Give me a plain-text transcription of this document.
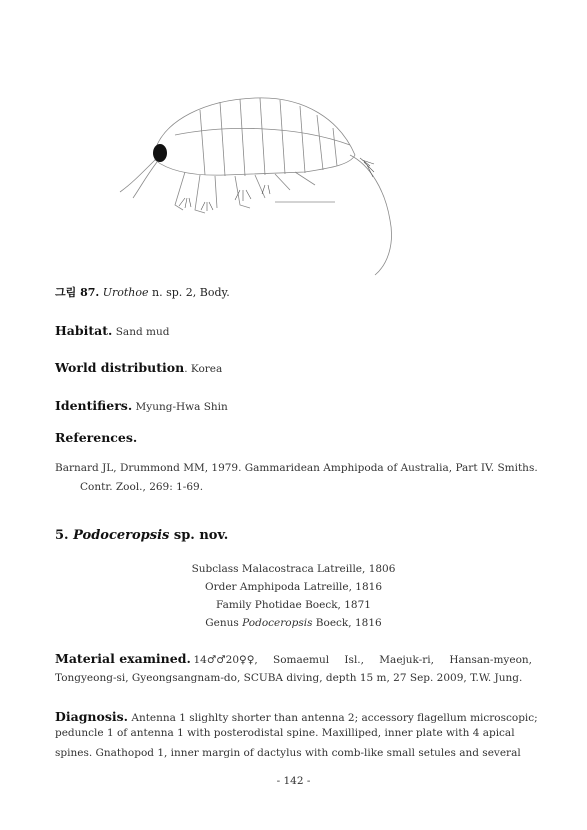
그림 87. Urothoe n. sp. 2, Body.
Habitat. Sand mud
World distribution. Korea
Identifiers. Myung-Hwa Shin
References.
Barnard JL, Drummond MM, 1979. Gammaridean Amphipoda of Australia, Part IV. Smiths.
Contr. Zool., 269: 1-69.
5. Podoceropsis sp. nov.
Subclass Malacostraca Latreille, 1806
Order Amphipoda Latreille, 1816
Family Photidae Boeck, 1871
Genus Podoceropsis Boeck, 1816
Material examined. 14♂♂20♀♀, Somaemul Isl., Maejuk-ri, Hansan-myeon,
Tongyeong-si, Gyeongsangnam-do, SCUBA diving, depth 15 m, 27 Sep. 2009, T.W. Jung.
Diagnosis. Antenna 1 slighlty shorter than antenna 2; accessory flagellum microscopic;
peduncle 1 of antenna 1 with posterodistal spine. Maxilliped, inner plate with 4 apical
spines. Gnathopod 1, inner margin of dactylus with comb-like small setules and several
- 142 -
